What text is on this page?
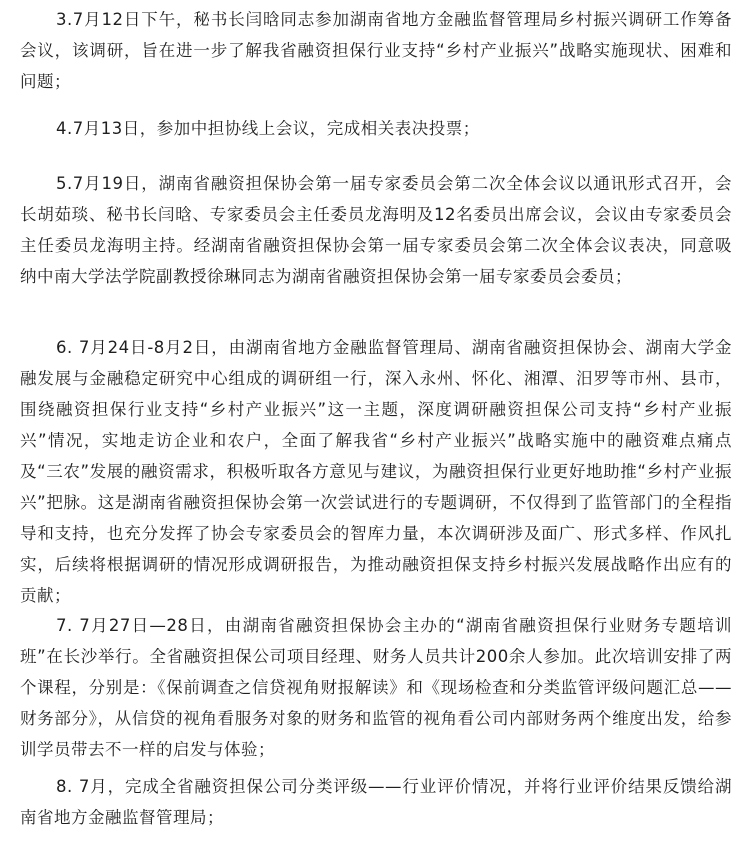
3.7月12日下午，秘书长闫晗同志参加湖南省地方金融监督管理局乡村振兴调研工作筹备会议，该调研，旨在进一步了解我省融资担保行业支持“乡村产业振兴”战略实施现状、困难和问题；

4.7月13日，参加中担协线上会议，完成相关表决投票；

5.7月19日，湖南省融资担保协会第一届专家委员会第二次全体会议以通讯形式召开，会长胡茹琰、秘书长闫晗、专家委员会主任委员龙海明及12名委员出席会议，会议由专家委员会主任委员龙海明主持。经湖南省融资担保协会第一届专家委员会第二次全体会议表决，同意吸纳中南大学法学院副教授徐琳同志为湖南省融资担保协会第一届专家委员会委员；

6. 7月24日-8月2日，由湖南省地方金融监督管理局、湖南省融资担保协会、湖南大学金融发展与金融稳定研究中心组成的调研组一行，深入永州、怀化、湘潭、汨罗等市州、县市，围绕融资担保行业支持“乡村产业振兴”这一主题，深度调研融资担保公司支持“乡村产业振兴”情况，实地走访企业和农户，全面了解我省“乡村产业振兴”战略实施中的融资难点痛点及“三农”发展的融资需求，积极听取各方意见与建议，为融资担保行业更好地助推“乡村产业振兴”把脉。这是湖南省融资担保协会第一次尝试进行的专题调研，不仅得到了监管部门的全程指导和支持，也充分发挥了协会专家委员会的智库力量，本次调研涉及面广、形式多样、作风扎实，后续将根据调研的情况形成调研报告，为推动融资担保支持乡村振兴发展战略作出应有的贡献；

7. 7月27日—28日，由湖南省融资担保协会主办的“湖南省融资担保行业财务专题培训班”在长沙举行。全省融资担保公司项目经理、财务人员共计200余人参加。此次培训安排了两个课程，分别是：《保前调查之信贷视角财报解读》和《现场检查和分类监管评级问题汇总——财务部分》，从信贷的视角看服务对象的财务和监管的视角看公司内部财务两个维度出发，给参训学员带去不一样的启发与体验；

8. 7月，完成全省融资担保公司分类评级——行业评价情况，并将行业评价结果反馈给湖南省地方金融监督管理局；
